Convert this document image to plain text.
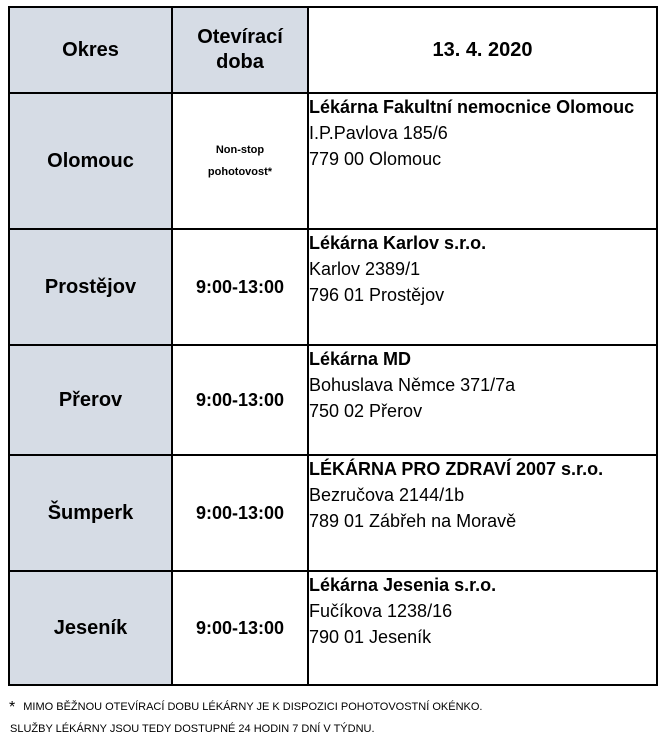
Okres	Otevírací doba	13. 4. 2020
Olomouc	Non-stop pohotovost*	Lékárna Fakultní nemocnice Olomouc
I.P.Pavlova 185/6
779 00 Olomouc

Prostějov	9:00-13:00	Lékárna Karlov s.r.o.
Karlov 2389/1
796 01 Prostějov

Přerov	9:00-13:00	Lékárna MD
Bohuslava Němce 371/7a
750 02 Přerov

Šumperk	9:00-13:00	LÉKÁRNA PRO ZDRAVÍ 2007 s.r.o.
Bezručova 2144/1b
789 01 Zábřeh na Moravě

Jeseník	9:00-13:00	Lékárna Jesenia s.r.o.
Fučíkova 1238/16
790 01 Jeseník
* MIMO BĚŽNOU OTEVÍRACÍ DOBU LÉKÁRNY JE K DISPOZICI POHOTOVOSTNÍ OKÉNKO.
SLUŽBY LÉKÁRNY JSOU TEDY DOSTUPNÉ 24 HODIN 7 DNÍ V TÝDNU.
